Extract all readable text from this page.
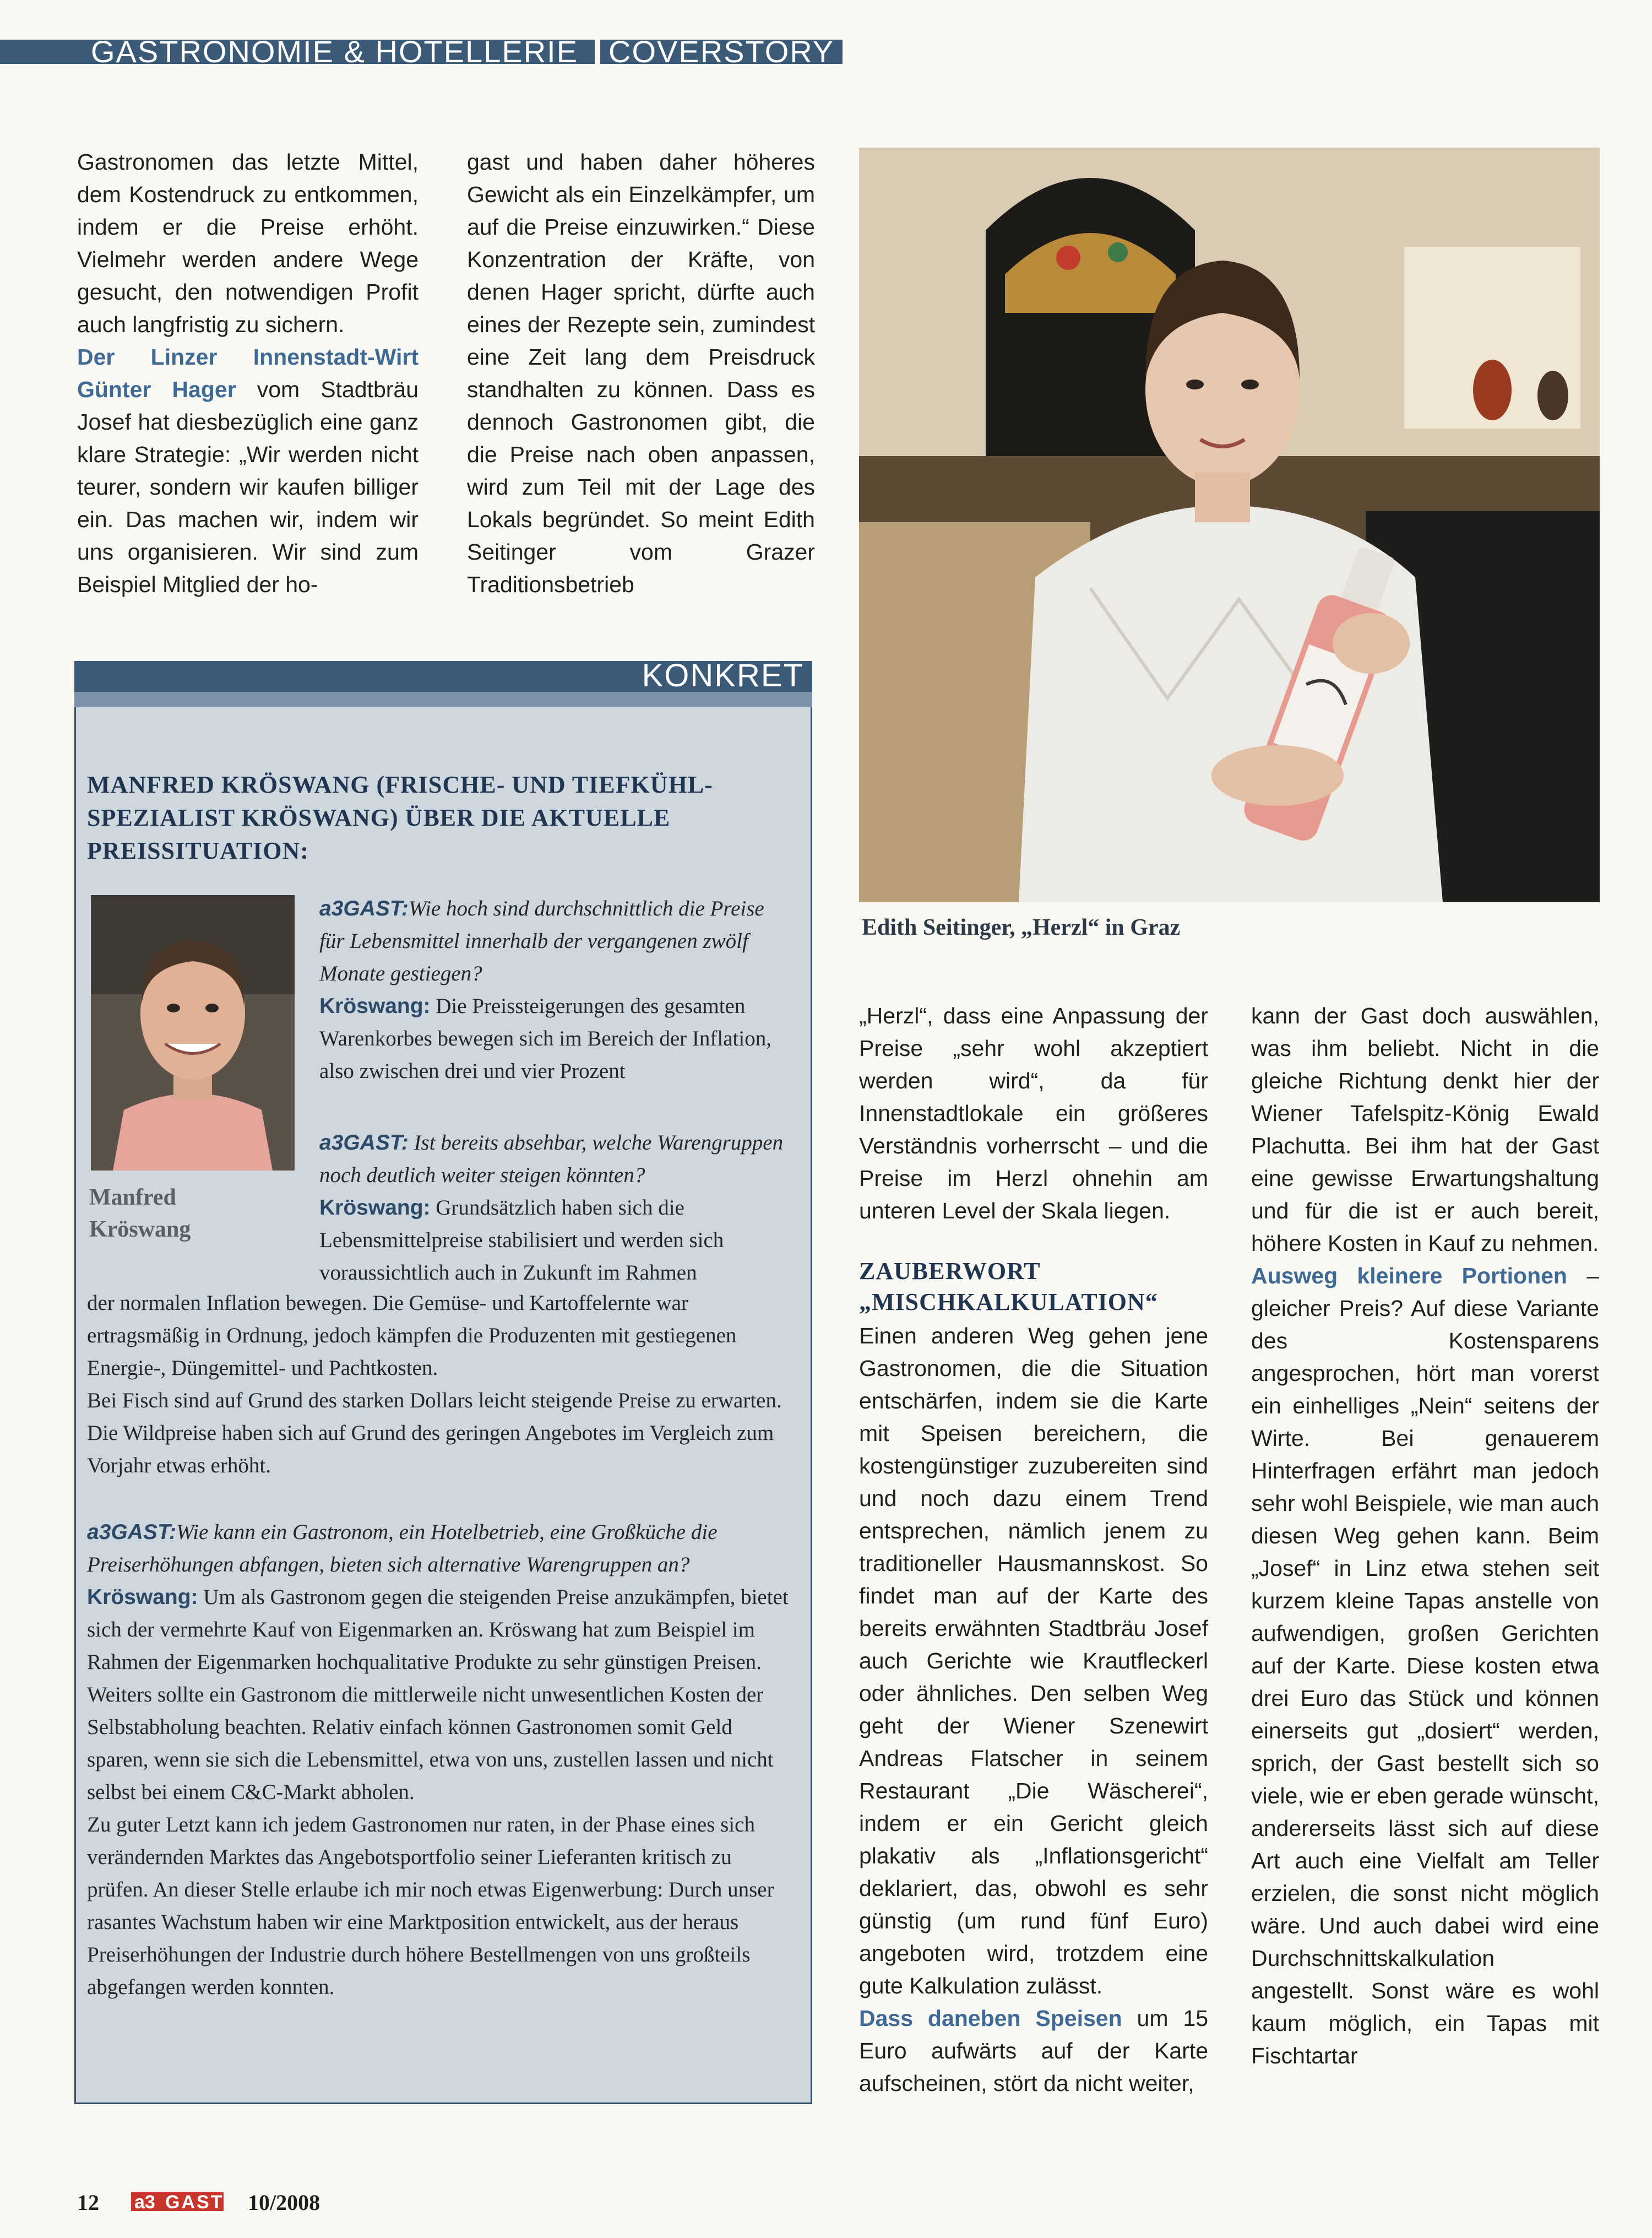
GASTRONOMIE & HOTELLERIE COVERSTORY

Gastronomen das letzte Mittel, dem Kostendruck zu entkommen, indem er die Preise erhöht. Vielmehr werden andere Wege gesucht, den notwendigen Profit auch langfristig zu sichern.

Der Linzer Innenstadt-Wirt Günter Hager vom Stadtbräu Josef hat diesbezüglich eine ganz klare Strategie: „Wir werden nicht teurer, sondern wir kaufen billiger ein. Das machen wir, indem wir uns organisieren. Wir sind zum Beispiel Mitglied der ho-

gast und haben daher höheres Gewicht als ein Einzelkämpfer, um auf die Preise einzuwirken.“ Diese Konzentration der Kräfte, von denen Hager spricht, dürfte auch eines der Rezepte sein, zumindest eine Zeit lang dem Preisdruck standhalten zu können. Dass es dennoch Gastronomen gibt, die die Preise nach oben anpassen, wird zum Teil mit der Lage des Lokals begründet. So meint Edith Seitinger vom Grazer Traditionsbetrieb

Edith Seitinger, „Herzl“ in Graz

„Herzl“, dass eine Anpassung der Preise „sehr wohl akzeptiert werden wird“, da für Innenstadtlokale ein größeres Verständnis vorherrscht – und die Preise im Herzl ohnehin am unteren Level der Skala liegen.

ZAUBERWORT
„MISCHKALKULATION“

Einen anderen Weg gehen jene Gastronomen, die die Situation entschärfen, indem sie die Karte mit Speisen bereichern, die kostengünstiger zuzubereiten sind und noch dazu einem Trend entsprechen, nämlich jenem zu traditioneller Hausmannskost. So findet man auf der Karte des bereits erwähnten Stadtbräu Josef auch Gerichte wie Krautfleckerl oder ähnliches. Den selben Weg geht der Wiener Szenewirt Andreas Flatscher in seinem Restaurant „Die Wäscherei“, indem er ein Gericht gleich plakativ als „Inflationsgericht“ deklariert, das, obwohl es sehr günstig (um rund fünf Euro) angeboten wird, trotzdem eine gute Kalkulation zulässt.

Dass daneben Speisen um 15 Euro aufwärts auf der Karte aufscheinen, stört da nicht weiter,

kann der Gast doch auswählen, was ihm beliebt. Nicht in die gleiche Richtung denkt hier der Wiener Tafelspitz-König Ewald Plachutta. Bei ihm hat der Gast eine gewisse Erwartungshaltung und für die ist er auch bereit, höhere Kosten in Kauf zu nehmen.

Ausweg kleinere Portionen – gleicher Preis? Auf diese Variante des Kostensparens angesprochen, hört man vorerst ein einhelliges „Nein“ seitens der Wirte. Bei genauerem Hinterfragen erfährt man jedoch sehr wohl Beispiele, wie man auch diesen Weg gehen kann. Beim „Josef“ in Linz etwa stehen seit kurzem kleine Tapas anstelle von aufwendigen, großen Gerichten auf der Karte. Diese kosten etwa drei Euro das Stück und können einerseits gut „dosiert“ werden, sprich, der Gast bestellt sich so viele, wie er eben gerade wünscht, andererseits lässt sich auf diese Art auch eine Vielfalt am Teller erzielen, die sonst nicht möglich wäre. Und auch dabei wird eine Durchschnittskalkulation angestellt. Sonst wäre es wohl kaum möglich, ein Tapas mit Fischtartar

KONKRET
MANFRED KRÖSWANG (FRISCHE- UND TIEFKÜHL-SPEZIALIST KRÖSWANG) ÜBER DIE AKTUELLE PREISSITUATION:
Manfred
Kröswang

a3GAST:Wie hoch sind durchschnittlich die Preise für Lebensmittel innerhalb der vergangenen zwölf Monate gestiegen?

Kröswang: Die Preissteigerungen des gesamten Warenkorbes bewegen sich im Bereich der Inflation, also zwischen drei und vier Prozent

a3GAST: Ist bereits absehbar, welche Warengruppen noch deutlich weiter steigen könnten?

Kröswang: Grundsätzlich haben sich die Lebensmittelpreise stabilisiert und werden sich voraussichtlich auch in Zukunft im Rahmen

der normalen Inflation bewegen. Die Gemüse- und Kartoffelernte war ertragsmäßig in Ordnung, jedoch kämpfen die Produzenten mit gestiegenen Energie-, Düngemittel- und Pachtkosten.

Bei Fisch sind auf Grund des starken Dollars leicht steigende Preise zu erwarten. Die Wildpreise haben sich auf Grund des geringen Angebotes im Vergleich zum Vorjahr etwas erhöht.

a3GAST:Wie kann ein Gastronom, ein Hotelbetrieb, eine Großküche die Preiserhöhungen abfangen, bieten sich alternative Warengruppen an?

Kröswang: Um als Gastronom gegen die steigenden Preise anzukämpfen, bietet sich der vermehrte Kauf von Eigenmarken an. Kröswang hat zum Beispiel im Rahmen der Eigenmarken hochqualitative Produkte zu sehr günstigen Preisen.

Weiters sollte ein Gastronom die mittlerweile nicht unwesentlichen Kosten der Selbstabholung beachten. Relativ einfach können Gastronomen somit Geld sparen, wenn sie sich die Lebensmittel, etwa von uns, zustellen lassen und nicht selbst bei einem C&C-Markt abholen.

Zu guter Letzt kann ich jedem Gastronomen nur raten, in der Phase eines sich verändernden Marktes das Angebotsportfolio seiner Lieferanten kritisch zu prüfen. An dieser Stelle erlaube ich mir noch etwas Eigenwerbung: Durch unser rasantes Wachstum haben wir eine Marktposition entwickelt, aus der heraus Preiserhöhungen der Industrie durch höhere Bestellmengen von uns großteils abgefangen werden konnten.

12 a3 GAST 10/2008
